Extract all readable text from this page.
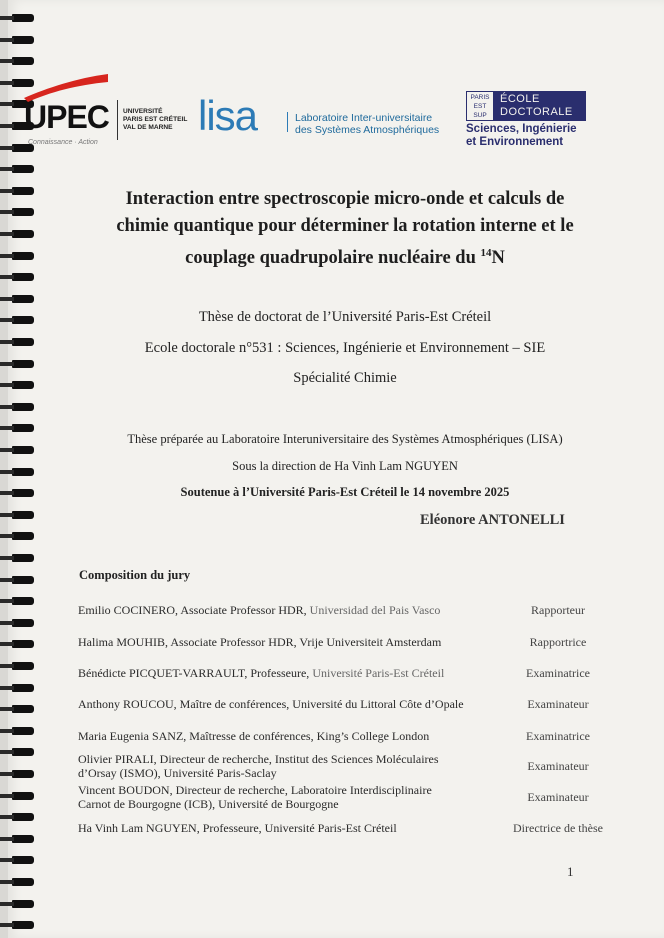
UPEC
Connaissance · Action
UNIVERSITÉ
PARIS EST CRÉTEIL
VAL DE MARNE lisa	Laboratoire Inter-universitaire
des Systèmes Atmosphériques
PARIS
EST
SUP
ÉCOLE
DOCTORALE
Sciences, Ingénierie
et Environnement
Interaction entre spectroscopie micro-onde et calculs de
chimie quantique pour déterminer la rotation interne et le
couplage quadrupolaire nucléaire du $^{14}$N
Thèse de doctorat de l’Université Paris-Est Créteil
Ecole doctorale n°531 : Sciences, Ingénierie et Environnement – SIE
Spécialité Chimie
Thèse préparée au Laboratoire Interuniversitaire des Systèmes Atmosphériques (LISA)
Sous la direction de Ha Vinh Lam NGUYEN
Soutenue à l’Université Paris-Est Créteil le 14 novembre 2025
Eléonore ANTONELLI
Composition du jury
Emilio COCINERO, Associate Professor HDR, Universidad del Pais Vasco	Rapporteur
Halima MOUHIB, Associate Professor HDR, Vrije Universiteit Amsterdam	Rapportrice
Bénédicte PICQUET-VARRAULT, Professeure, Université Paris-Est Créteil	Examinatrice
Anthony ROUCOU, Maître de conférences, Université du Littoral Côte d’Opale	Examinateur
Maria Eugenia SANZ, Maîtresse de conférences, King’s College London	Examinatrice
Olivier PIRALI, Directeur de recherche, Institut des Sciences Moléculaires
d’Orsay (ISMO), Université Paris-Saclay	Examinateur
Vincent BOUDON, Directeur de recherche, Laboratoire Interdisciplinaire
Carnot de Bourgogne (ICB), Université de Bourgogne	Examinateur
Ha Vinh Lam NGUYEN, Professeure, Université Paris-Est Créteil	Directrice de thèse
1
